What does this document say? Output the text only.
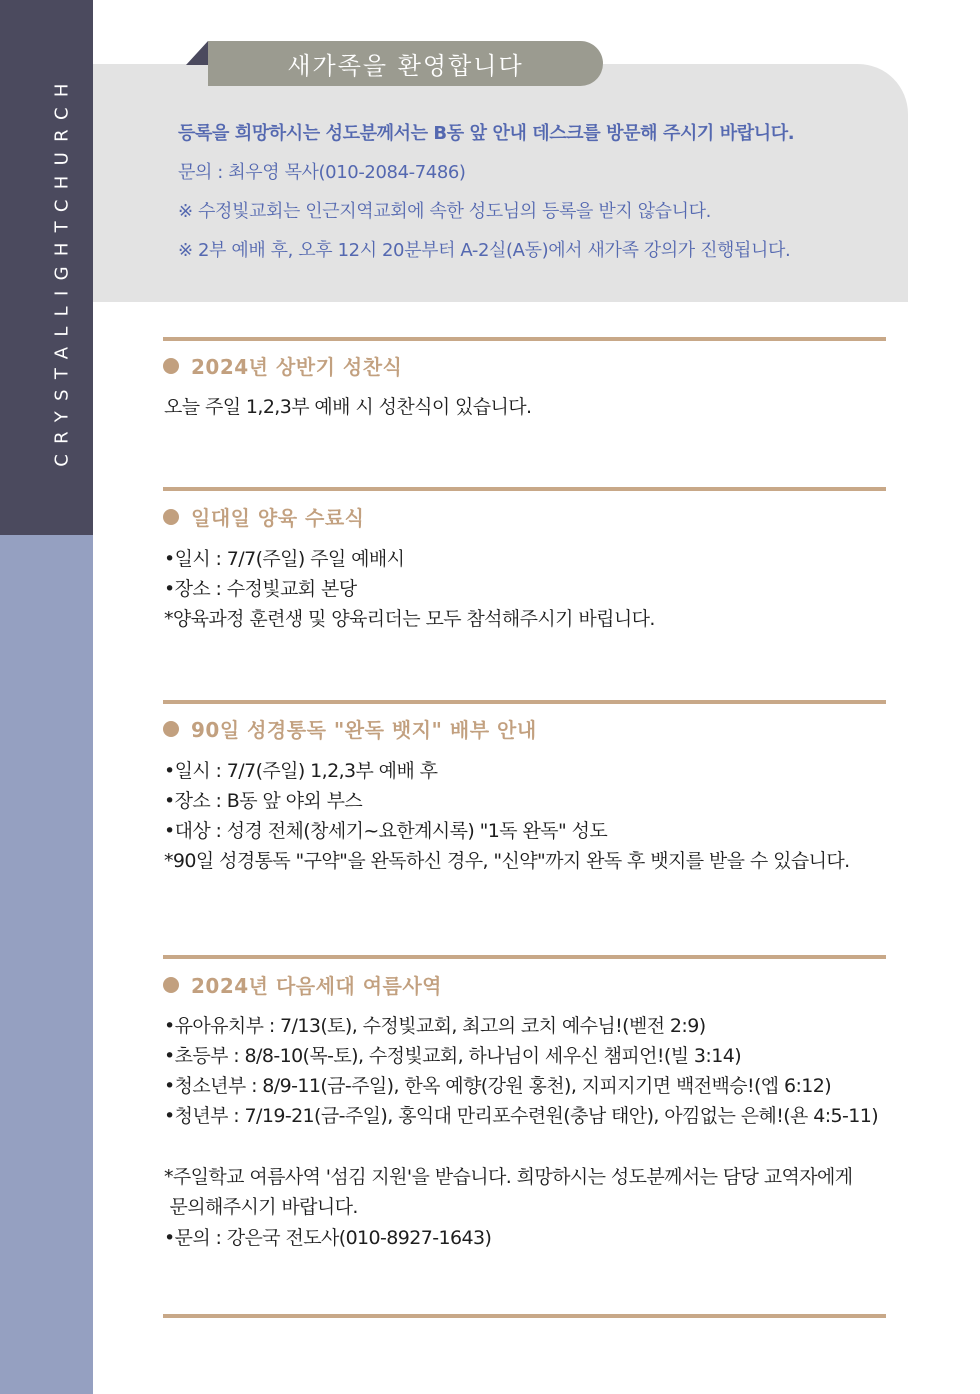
CRYSTALLIGHTCHURCH
새가족을 환영합니다
등록을 희망하시는 성도분께서는 B동 앞 안내 데스크를 방문해 주시기 바랍니다.
문의 : 최우영 목사(010-2084-7486)
※ 수정빛교회는 인근지역교회에 속한 성도님의 등록을 받지 않습니다.
※ 2부 예배 후, 오후 12시 20분부터 A-2실(A동)에서 새가족 강의가 진행됩니다.
2024년 상반기 성찬식
오늘 주일 1,2,3부 예배 시 성찬식이 있습니다.
일대일 양육 수료식
•일시 : 7/7(주일) 주일 예배시
•장소 : 수정빛교회 본당
*양육과정 훈련생 및 양육리더는 모두 참석해주시기 바립니다.
90일 성경통독 "완독 뱃지" 배부 안내
•일시 : 7/7(주일) 1,2,3부 예배 후
•장소 : B동 앞 야외 부스
•대상 : 성경 전체(창세기~요한계시록) "1독 완독" 성도
*90일 성경통독 "구약"을 완독하신 경우, "신약"까지 완독 후 뱃지를 받을 수 있습니다.
2024년 다음세대 여름사역
•유아유치부 : 7/13(토), 수정빛교회, 최고의 코치 예수님!(벧전 2:9)
•초등부 : 8/8-10(목-토), 수정빛교회, 하나님이 세우신 챔피언!(빌 3:14)
•청소년부 : 8/9-11(금-주일), 한옥 예향(강원 홍천), 지피지기면 백전백승!(엡 6:12)
•청년부 : 7/19-21(금-주일), 홍익대 만리포수련원(충남 태안), 아낌없는 은혜!(욘 4:5-11)
*주일학교 여름사역 '섬김 지원'을 받습니다. 희망하시는 성도분께서는 담당 교역자에게
문의해주시기 바랍니다.
•문의 : 강은국 전도사(010-8927-1643)
